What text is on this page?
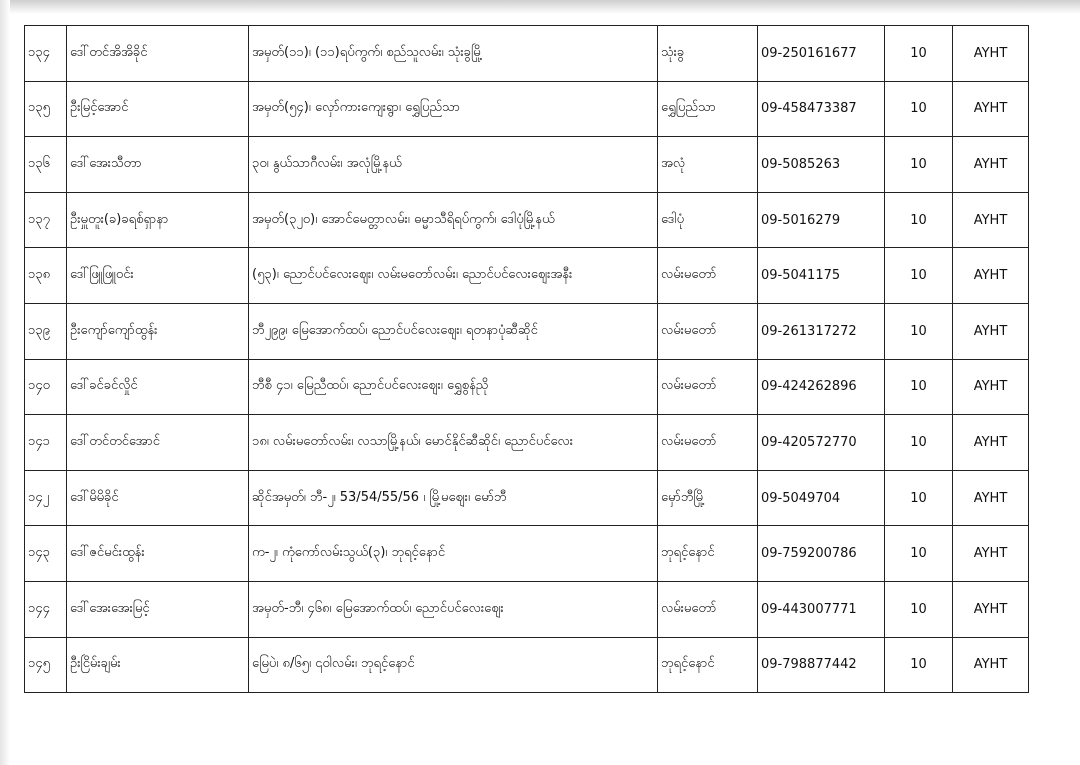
၁၃၄	ဒေါ်တင်အိအိခိုင်	အမှတ်(၁၁)၊ (၁၁)ရပ်ကွက်၊ စည်သူလမ်း၊ သုံးခွမြို့	သုံးခွ	09-250161677	10	AYHT
၁၃၅	ဦးမြင့်အောင်	အမှတ်(၅၄)၊ လှော်ကားကျေးရွာ၊ ရွှေပြည်သာ	ရွှေပြည်သာ	09-458473387	10	AYHT
၁၃၆	ဒေါ်အေးသီတာ	၃၀၊ နွယ်သာဂီလမ်း၊ အလုံမြို့နယ်	အလုံ	09-5085263	10	AYHT
၁၃၇	ဦးမှူတူး(ခ)ခရစ်ရှာနာ	အမှတ်(၃၂၀)၊ အောင်မေတ္တာလမ်း၊ ဓမ္မာသီရိရပ်ကွက်၊ ဒေါပုံမြို့နယ်	ဒေါပုံ	09-5016279	10	AYHT
၁၃၈	ဒေါ်ဖြူဖြူဝင်း	(၅၃)၊ ညောင်ပင်လေးဈေး၊ လမ်းမတော်လမ်း၊ ညောင်ပင်လေးဈေးအနီး	လမ်းမတော်	09-5041175	10	AYHT
၁၃၉	ဦးကျော်ကျော်ထွန်း	ဘီ၂၉၉၊ မြေအောက်ထပ်၊ ညောင်ပင်လေးဈေး၊ ရတနာပုံဆီဆိုင်	လမ်းမတော်	09-261317272	10	AYHT
၁၄၀	ဒေါ်ခင်ခင်လှိုင်	ဘီစီ ၄၁၊ မြေညီထပ်၊ ညောင်ပင်လေးဈေး၊ ရွှေစွန်ညို	လမ်းမတော်	09-424262896	10	AYHT
၁၄၁	ဒေါ်တင်တင်အောင်	၁၈၊ လမ်းမတော်လမ်း၊ လသာမြို့နယ်၊ မောင်နိုင်ဆီဆိုင်၊ ညောင်ပင်လေး	လမ်းမတော်	09-420572770	10	AYHT
၁၄၂	ဒေါ်မိမိခိုင်	ဆိုင်အမှတ်၊ ဘီ-၂၊ 53/54/55/56 ၊ မြို့မဈေး၊ မော်ဘီ	မှော်ဘီမြို့	09-5049704	10	AYHT
၁၄၃	ဒေါ်ဇင်မင်းထွန်း	က-၂၊ ကုံကော်လမ်းသွယ်(၃)၊ ဘုရင့်နောင်	ဘုရင့်နောင်	09-759200786	10	AYHT
၁၄၄	ဒေါ်အေးအေးမြင့်	အမှတ်-ဘီ၊ ၄၆၈၊ မြေအောက်ထပ်၊ ညောင်ပင်လေးဈေး	လမ်းမတော်	09-443007771	10	AYHT
၁၄၅	ဦးငြိမ်းချမ်း	မြေပဲ၊ ၈/၆၅၊ ၎ဝါလမ်း၊ ဘုရင့်နောင်	ဘုရင့်နောင်	09-798877442	10	AYHT
